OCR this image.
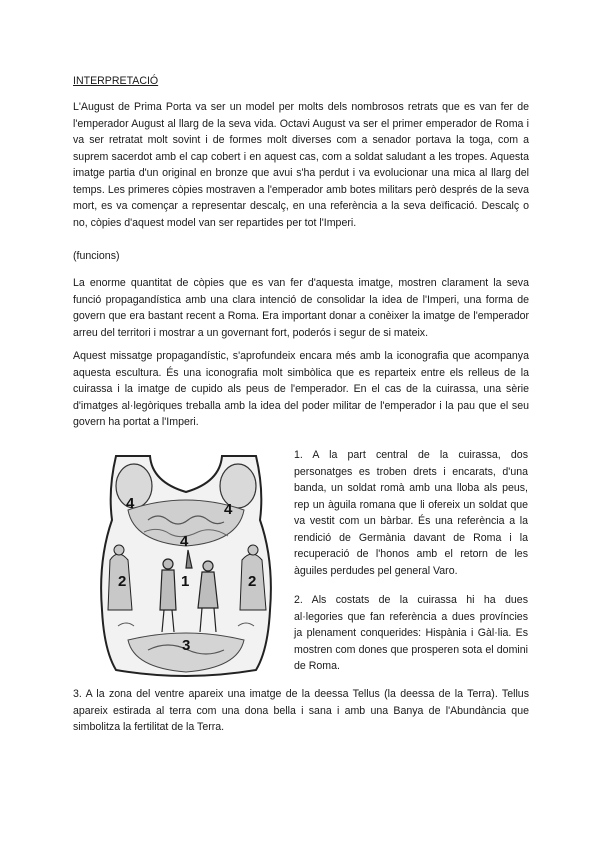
INTERPRETACIÓ

L'August de Prima Porta va ser un model per molts dels nombrosos retrats que es van fer de l'emperador August al llarg de la seva vida. Octavi August va ser el primer emperador de Roma i va ser retratat molt sovint i de formes molt diverses com a senador portava la toga, com a suprem sacerdot amb el cap cobert i en aquest cas, com a soldat saludant a les tropes. Aquesta imatge partia d'un original en bronze que avui s'ha perdut i va evolucionar una mica al llarg del temps. Les primeres còpies mostraven a l'emperador amb botes militars però després de la seva mort, es va començar a representar descalç, en una referència a la seva deïficació. Descalç o no, còpies d'aquest model van ser repartides per tot l'Imperi.

(funcions)

La enorme quantitat de còpies que es van fer d'aquesta imatge, mostren clarament la seva funció propagandística amb una clara intenció de consolidar la idea de l'Imperi, una forma de govern que era bastant recent a Roma. Era important donar a conèixer la imatge de l'emperador arreu del territori i mostrar a un governant fort, poderós i segur de si mateix.

Aquest missatge propagandístic, s'aprofundeix encara més amb la iconografia que acompanya aquesta escultura. És una iconografia molt simbòlica que es reparteix entre els relleus de la cuirassa i la imatge de cupido als peus de l'emperador. En el cas de la cuirassa, una sèrie d'imatges al·legòriques treballa amb la idea del poder militar de l'emperador i la pau que el seu govern ha portat a l'Imperi.

1. A la part central de la cuirassa, dos personatges es troben drets i encarats, d'una banda, un soldat romà amb una lloba als peus, rep un àguila romana que li ofereix un soldat que va vestit com un bàrbar. És una referència a la rendició de Germània davant de Roma i la recuperació de l'honos amb el retorn de les àguiles perdudes pel general Varo.

2. Als costats de la cuirassa hi ha dues al·legories que fan referència a dues províncies ja plenament conquerides: Hispània i Gàl·lia. Es mostren com dones que prosperen sota el domini de Roma.

3. A la zona del ventre apareix una imatge de la deessa Tellus (la deessa de la Terra). Tellus apareix estirada al terra com una dona bella i sana i amb una Banya de l'Abundància que simbolitza la fertilitat de la Terra.

1
2	2
3
4	4
4
